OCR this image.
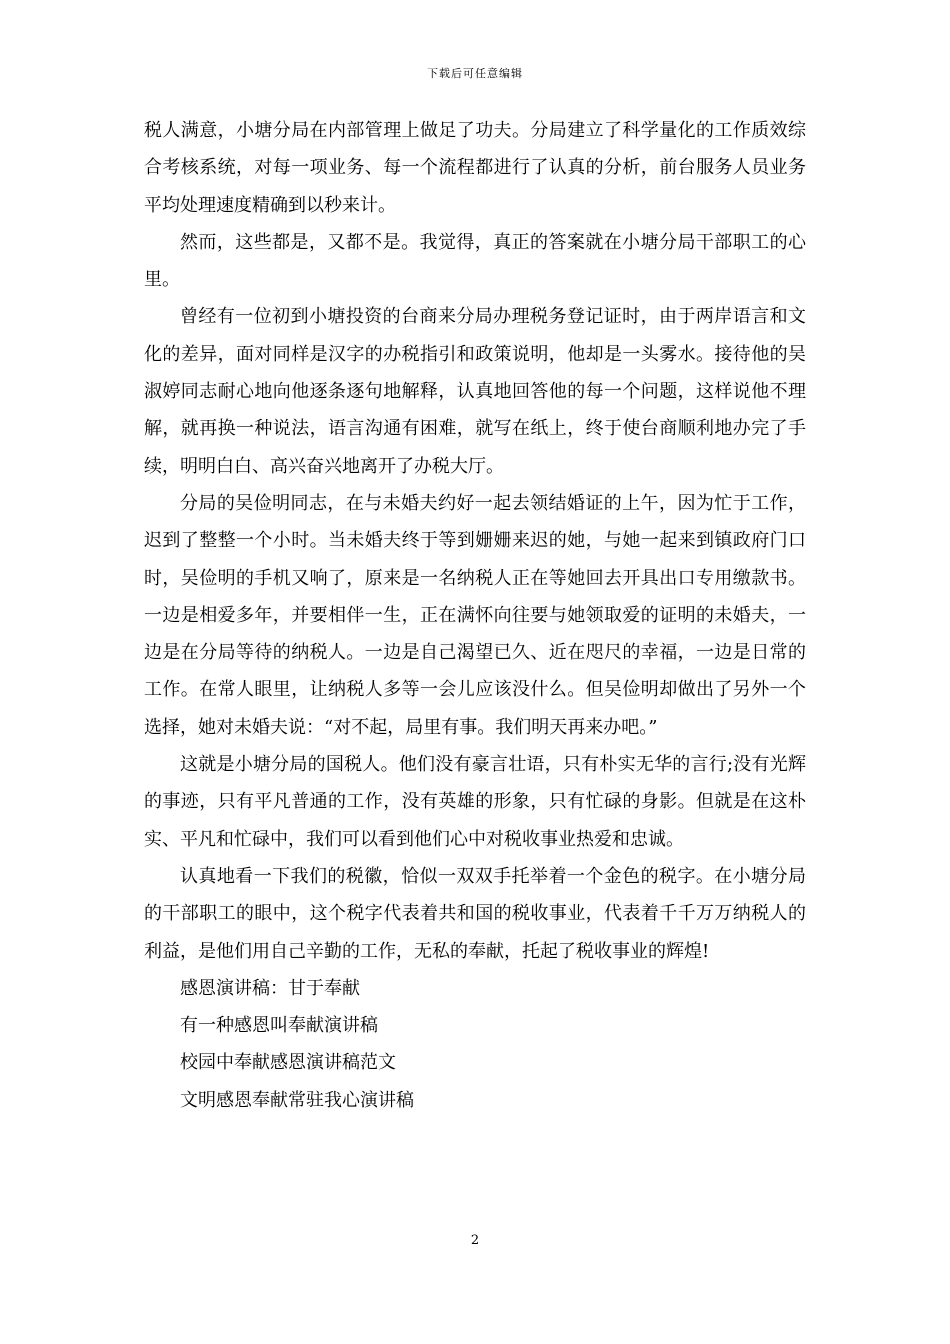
下载后可任意编辑

税人满意，小塘分局在内部管理上做足了功夫。分局建立了科学量化的工作质效综合考核系统，对每一项业务、每一个流程都进行了认真的分析，前台服务人员业务平均处理速度精确到以秒来计。

然而，这些都是，又都不是。我觉得，真正的答案就在小塘分局干部职工的心里。

曾经有一位初到小塘投资的台商来分局办理税务登记证时，由于两岸语言和文化的差异，面对同样是汉字的办税指引和政策说明，他却是一头雾水。接待他的吴淑婷同志耐心地向他逐条逐句地解释，认真地回答他的每一个问题，这样说他不理解，就再换一种说法，语言沟通有困难，就写在纸上，终于使台商顺利地办完了手续，明明白白、高兴奋兴地离开了办税大厅。

分局的吴俭明同志，在与未婚夫约好一起去领结婚证的上午，因为忙于工作，迟到了整整一个小时。当未婚夫终于等到姗姗来迟的她，与她一起来到镇政府门口时，吴俭明的手机又响了，原来是一名纳税人正在等她回去开具出口专用缴款书。一边是相爱多年，并要相伴一生，正在满怀向往要与她领取爱的证明的未婚夫，一边是在分局等待的纳税人。一边是自己渴望已久、近在咫尺的幸福，一边是日常的工作。在常人眼里，让纳税人多等一会儿应该没什么。但吴俭明却做出了另外一个选择，她对未婚夫说：“对不起，局里有事。我们明天再来办吧。”

这就是小塘分局的国税人。他们没有豪言壮语，只有朴实无华的言行;没有光辉的事迹，只有平凡普通的工作，没有英雄的形象，只有忙碌的身影。但就是在这朴实、平凡和忙碌中，我们可以看到他们心中对税收事业热爱和忠诚。

认真地看一下我们的税徽，恰似一双双手托举着一个金色的税字。在小塘分局的干部职工的眼中，这个税字代表着共和国的税收事业，代表着千千万万纳税人的利益，是他们用自己辛勤的工作，无私的奉献，托起了税收事业的辉煌!

感恩演讲稿：甘于奉献

有一种感恩叫奉献演讲稿

校园中奉献感恩演讲稿范文

文明感恩奉献常驻我心演讲稿

2
